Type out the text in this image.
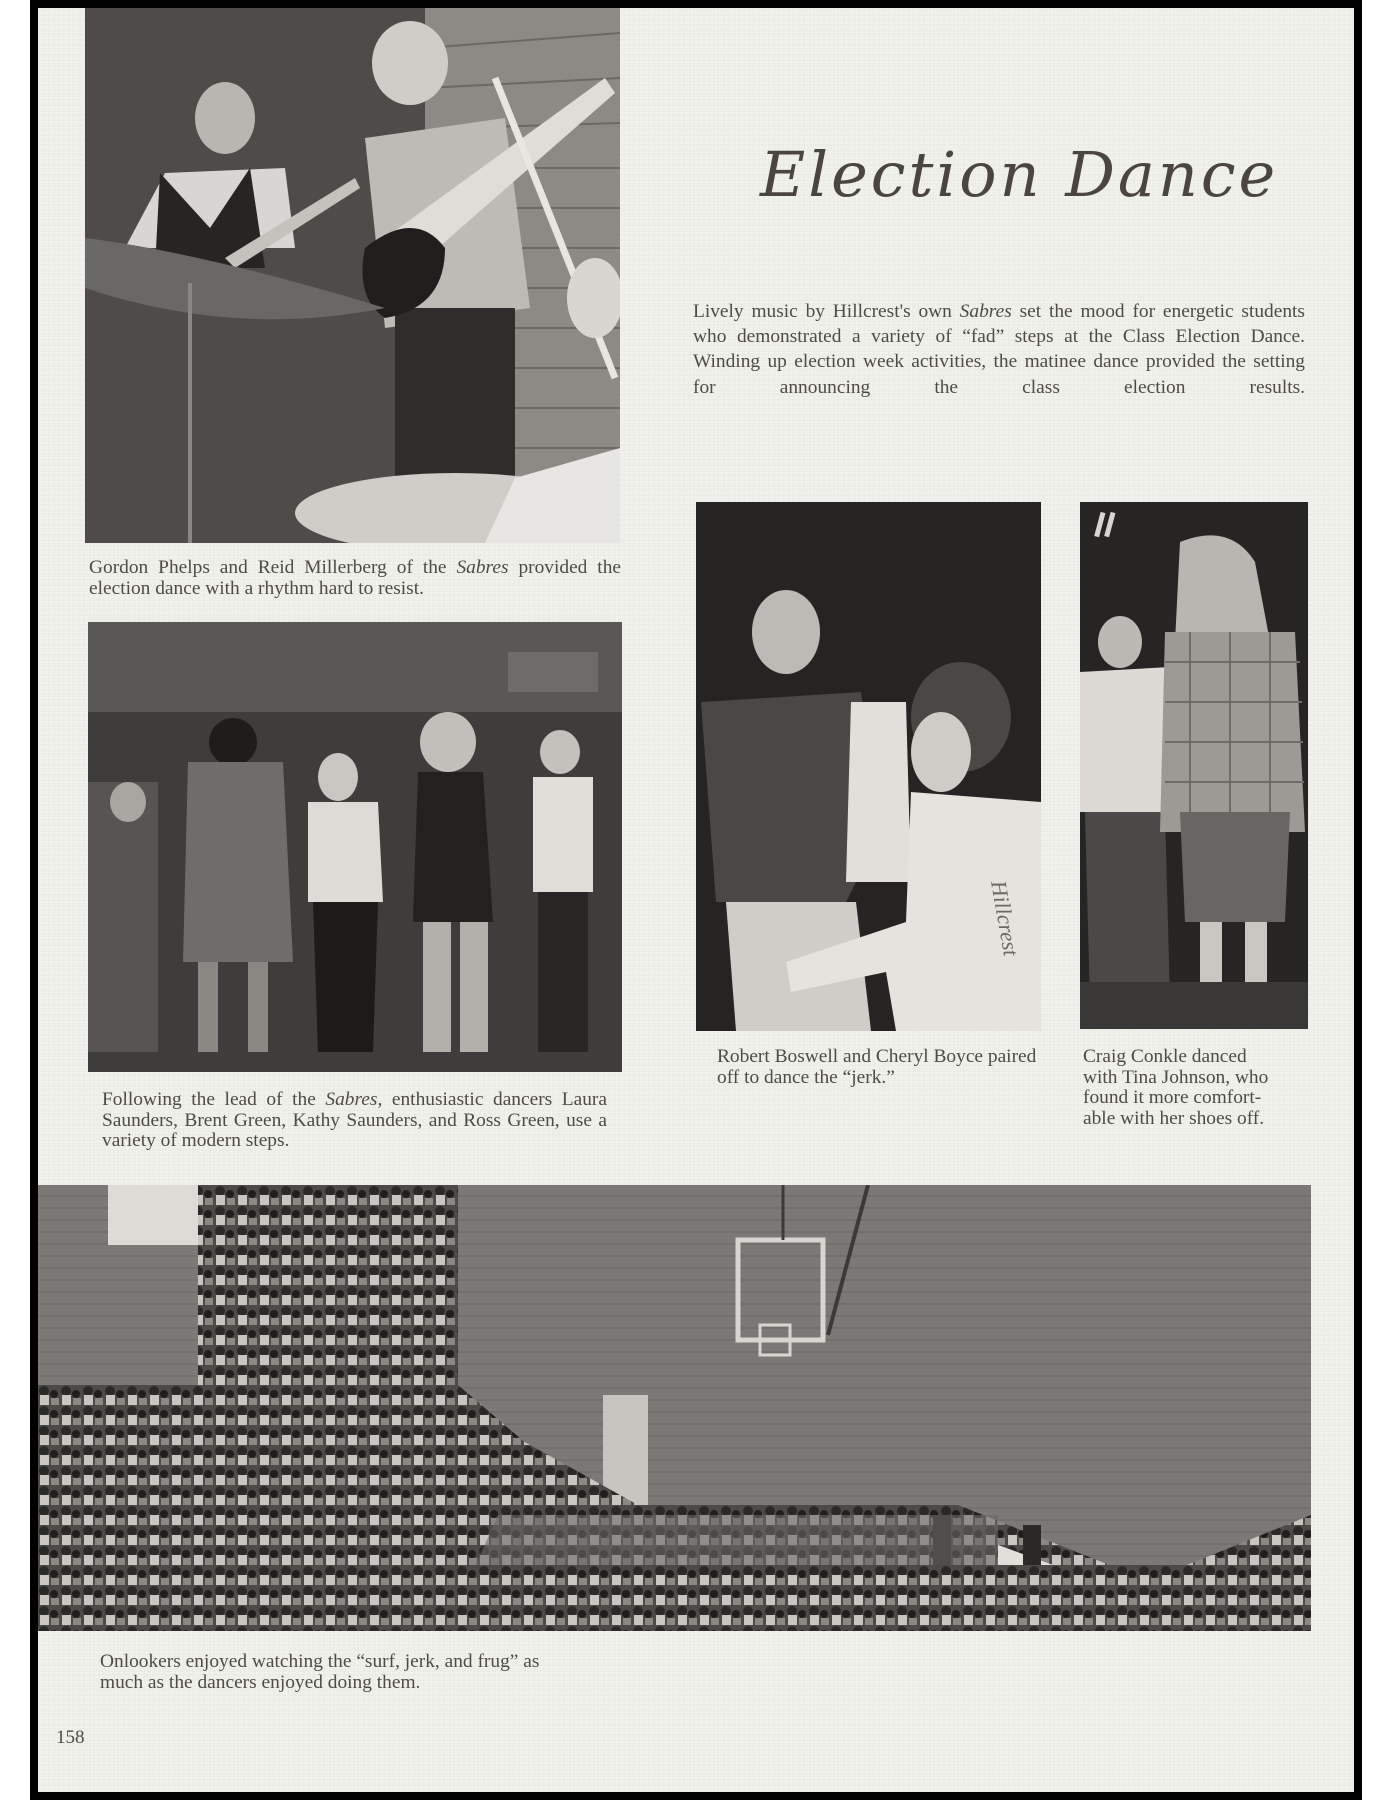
Gordon Phelps and Reid Millerberg of the Sabres provided the election dance with a rhythm hard to resist.
Election Dance
Lively music by Hillcrest's own Sabres set the mood for energetic students who demonstrated a variety of “fad” steps at the Class Election Dance. Winding up election week activities, the matinee dance provided the setting for announcing the class election results.
Following the lead of the Sabres, enthusiastic dancers Laura Saunders, Brent Green, Kathy Saunders, and Ross Green, use a variety of modern steps.
Hillcrest
Robert Boswell and Cheryl Boyce paired off to dance the “jerk.”
Craig Conkle danced
with Tina Johnson, who
found it more comfort-
able with her shoes off.
Onlookers enjoyed watching the “surf, jerk, and frug” as
much as the dancers enjoyed doing them.
158
